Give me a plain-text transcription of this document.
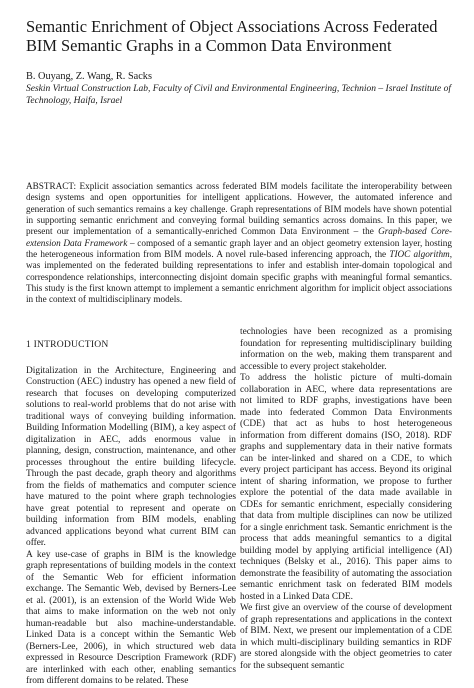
Semantic Enrichment of Object Associations Across Federated BIM Semantic Graphs in a Common Data Environment
B. Ouyang, Z. Wang, R. Sacks
Seskin Virtual Construction Lab, Faculty of Civil and Environmental Engineering, Technion – Israel Institute of Technology, Haifa, Israel

ABSTRACT: Explicit association semantics across federated BIM models facilitate the interoperability between design systems and open opportunities for intelligent applications. However, the automated inference and generation of such semantics remains a key challenge. Graph representations of BIM models have shown potential in supporting semantic enrichment and conveying formal building semantics across domains. In this paper, we present our implementation of a semantically-enriched Common Data Environment – the Graph-based Core-extension Data Framework – composed of a semantic graph layer and an object geometry extension layer, hosting the heterogeneous information from BIM models. A novel rule-based inferencing approach, the TIOC algorithm, was implemented on the federated building representations to infer and establish inter-domain topological and correspondence relationships, interconnecting disjoint domain specific graphs with meaningful formal semantics. This study is the first known attempt to implement a semantic enrichment algorithm for implicit object associations in the context of multidisciplinary models.

1 INTRODUCTION

Digitalization in the Architecture, Engineering and Construction (AEC) industry has opened a new field of research that focuses on developing computerized solutions to real-world problems that do not arise with traditional ways of conveying building information. Building Information Modelling (BIM), a key aspect of digitalization in AEC, adds enormous value in planning, design, construction, maintenance, and other processes throughout the entire building lifecycle. Through the past decade, graph theory and algorithms from the fields of mathematics and computer science have matured to the point where graph technologies have great potential to represent and operate on building information from BIM models, enabling advanced applications beyond what current BIM can offer.

A key use-case of graphs in BIM is the knowledge graph representations of building models in the context of the Semantic Web for efficient information exchange. The Semantic Web, devised by Berners-Lee et al. (2001), is an extension of the World Wide Web that aims to make information on the web not only human-readable but also machine-understandable. Linked Data is a concept within the Semantic Web (Berners-Lee, 2006), in which structured web data expressed in Resource Description Framework (RDF) are interlinked with each other, enabling semantics from different domains to be related. These

technologies have been recognized as a promising foundation for representing multidisciplinary building information on the web, making them transparent and accessible to every project stakeholder.

To address the holistic picture of multi-domain collaboration in AEC, where data representations are not limited to RDF graphs, investigations have been made into federated Common Data Environments (CDE) that act as hubs to host heterogeneous information from different domains (ISO, 2018). RDF graphs and supplementary data in their native formats can be inter-linked and shared on a CDE, to which every project participant has access. Beyond its original intent of sharing information, we propose to further explore the potential of the data made available in CDEs for semantic enrichment, especially considering that data from multiple disciplines can now be utilized for a single enrichment task. Semantic enrichment is the process that adds meaningful semantics to a digital building model by applying artificial intelligence (AI) techniques (Belsky et al., 2016). This paper aims to demonstrate the feasibility of automating the association semantic enrichment task on federated BIM models hosted in a Linked Data CDE.

We first give an overview of the course of development of graph representations and applications in the context of BIM. Next, we present our implementation of a CDE in which multi-disciplinary building semantics in RDF are stored alongside with the object geometries to cater for the subsequent semantic
